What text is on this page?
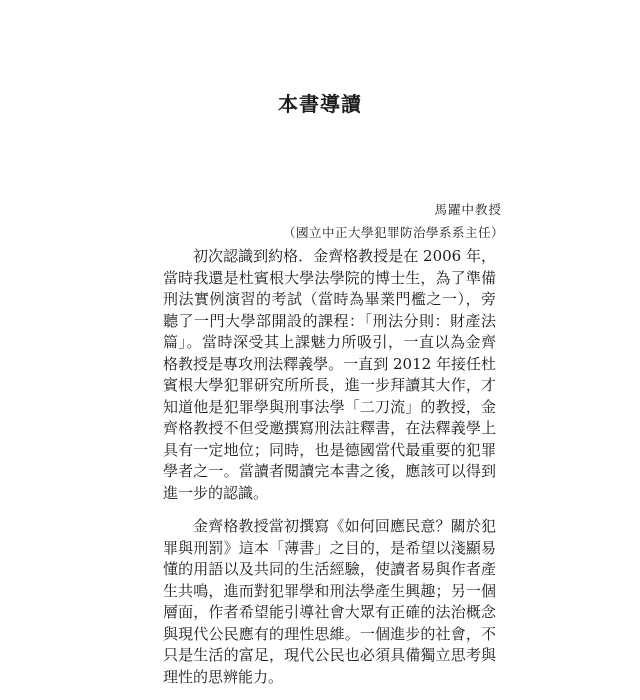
本書導讀
馬躍中教授
（國立中正大學犯罪防治學系系主任）

初次認識到約格．金齊格教授是在 2006 年，當時我還是杜賓根大學法學院的博士生，為了準備刑法實例演習的考試（當時為畢業門檻之一），旁聽了一門大學部開設的課程：「刑法分則：財產法篇」。當時深受其上課魅力所吸引，一直以為金齊格教授是專攻刑法釋義學。一直到 2012 年接任杜賓根大學犯罪研究所所長，進一步拜讀其大作，才知道他是犯罪學與刑事法學「二刀流」的教授，金齊格教授不但受邀撰寫刑法註釋書，在法釋義學上具有一定地位；同時，也是德國當代最重要的犯罪學者之一。當讀者閱讀完本書之後，應該可以得到進一步的認識。

金齊格教授當初撰寫《如何回應民意？關於犯罪與刑罰》這本「薄書」之目的，是希望以淺顯易懂的用語以及共同的生活經驗，使讀者易與作者產生共鳴，進而對犯罪學和刑法學產生興趣；另一個層面，作者希望能引導社會大眾有正確的法治概念與現代公民應有的理性思維。一個進步的社會，不只是生活的富足，現代公民也必須具備獨立思考與理性的思辨能力。
